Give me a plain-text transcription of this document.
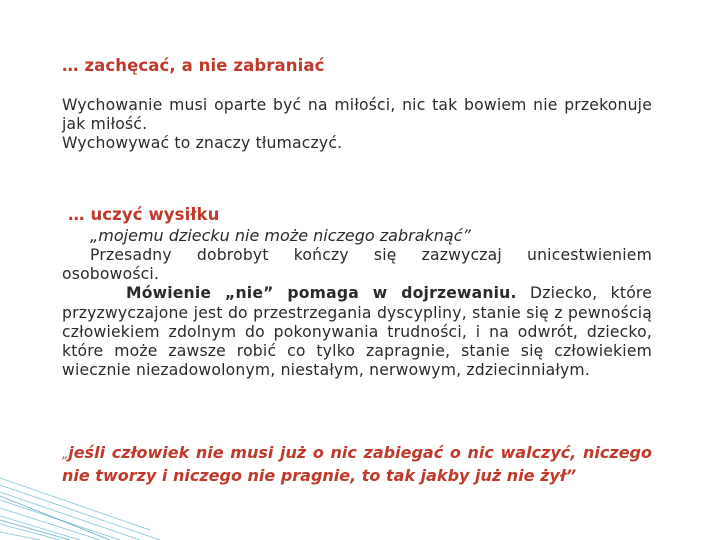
… zachęcać, a nie zabraniać
Wychowanie musi oparte być na miłości, nic tak bowiem nie przekonuje jak miłość.
Wychowywać to znaczy tłumaczyć.
… uczyć wysiłku
„mojemu dziecku nie może niczego zabraknąć”
Przesadny dobrobyt kończy się zazwyczaj unicestwieniem osobowości.
Mówienie „nie” pomaga w dojrzewaniu. Dziecko, które przyzwyczajone jest do przestrzegania dyscypliny, stanie się z pewnością człowiekiem zdolnym do pokonywania trudności, i na odwrót, dziecko, które może zawsze robić co tylko zapragnie, stanie się człowiekiem wiecznie niezadowolonym, niestałym, nerwowym, zdziecinniałym.
„jeśli człowiek nie musi już o nic zabiegać o nic walczyć, niczego nie tworzy i niczego nie pragnie, to tak jakby już nie żył”
